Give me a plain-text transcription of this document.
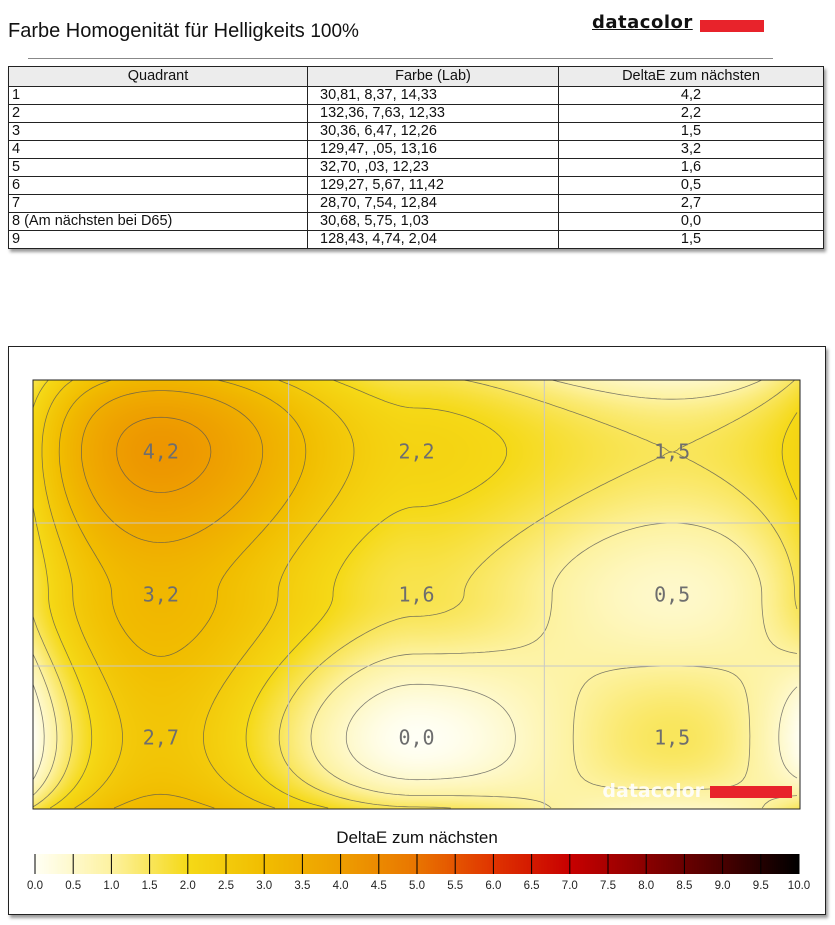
Farbe Homogenität für Helligkeits 100%	datacolor
Quadrant	Farbe (Lab)	DeltaE zum nächsten
1	30,81, 8,37, 14,33	4,2
2	132,36, 7,63, 12,33	2,2
3	30,36, 6,47, 12,26	1,5
4	129,47, ,05, 13,16	3,2
5	32,70, ,03, 12,23	1,6
6	129,27, 5,67, 11,42	0,5
7	28,70, 7,54, 12,84	2,7
8 (Am nächsten bei D65)	30,68, 5,75, 1,03	0,0
9	128,43, 4,74, 2,04	1,5
4,2	2,2	1,5
3,2	1,6	0,5
2,7	0,0	1,5
datacolor
DeltaE zum nächsten
0.0 0.5 1.0 1.5 2.0 2.5 3.0 3.5 4.0 4.5 5.0 5.5 6.0 6.5 7.0 7.5 8.0 8.5 9.0 9.5 10.0
